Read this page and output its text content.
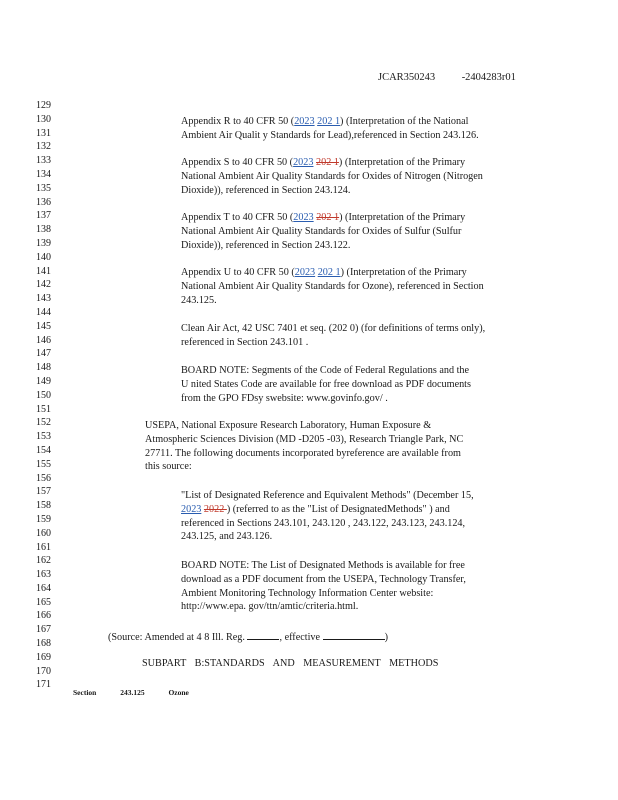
JCAR350243	-2404283r01
129
130
131
132
133
134
135
136
137
138
139
140
141
142
143
144
145
146
147
148
149
150
151
152
153
154
155
156
157
158
159
160
161
162
163
164
165
166
167
168
169
170
171
Appendix R to 40 CFR 50 (2023 202 1) (Interpretation of the National
Ambient Air Qualit y Standards for Lead),referenced in Section 243.126.
Appendix S to 40 CFR 50 (2023 202 1) (Interpretation of the Primary
National Ambient Air Quality Standards for Oxides of Nitrogen (Nitrogen
Dioxide)), referenced in Section 243.124.
Appendix T to 40 CFR 50 (2023 202 1) (Interpretation of the Primary
National Ambient Air Quality Standards for Oxides of Sulfur (Sulfur
Dioxide)), referenced in Section 243.122.
Appendix U to 40 CFR 50 (2023 202 1) (Interpretation of the Primary
National Ambient Air Quality Standards for Ozone), referenced in Section
243.125.
Clean Air Act, 42 USC 7401 et seq. (202 0) (for definitions of terms only),
referenced in Section 243.101 .
BOARD NOTE: Segments of the Code of Federal Regulations and the
U nited States Code are available for free download as PDF documents
from the GPO FDsy swebsite: www.govinfo.gov/ .
USEPA, National Exposure Research Laboratory, Human Exposure &
Atmospheric Sciences Division (MD -D205 -03), Research Triangle Park, NC
27711. The following documents incorporated byreference are available from
this source:
"List of Designated Reference and Equivalent Methods" (December 15,
2023 2022 ) (referred to as the "List of DesignatedMethods" ) and
referenced in Sections 243.101, 243.120 , 243.122, 243.123, 243.124,
243.125, and 243.126.
BOARD NOTE: The List of Designated Methods is available for free
download as a PDF document from the USEPA, Technology Transfer,
Ambient Monitoring Technology Information Center website:
http://www.epa. gov/ttn/amtic/criteria.html.
(Source: Amended at 4 8 Ill. Reg.	, effective	)
SUBPART B:STANDARDS AND MEASUREMENT METHODS
Section	243.125	Ozone
